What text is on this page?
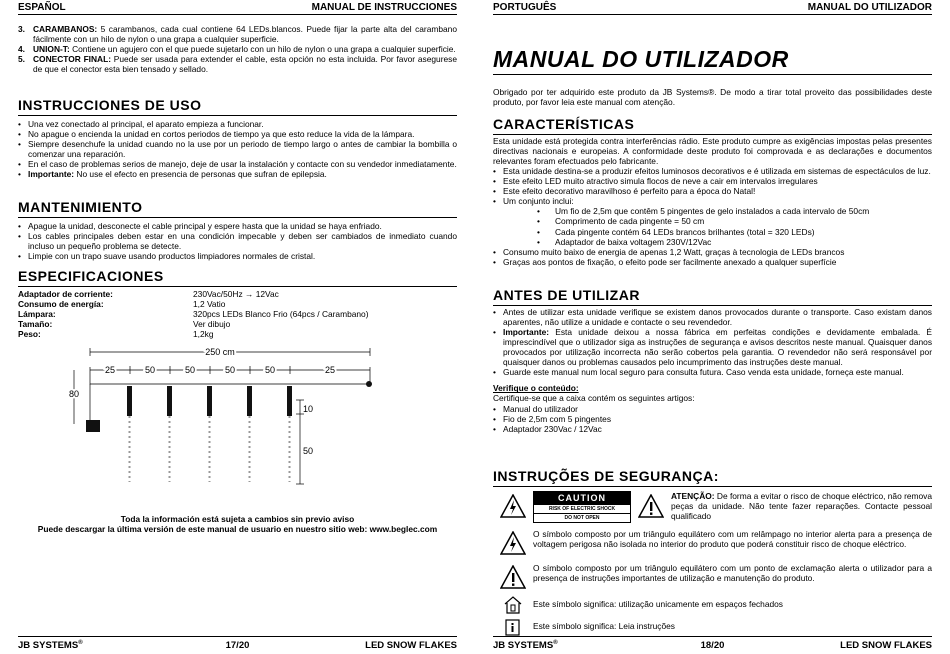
ESPAÑOL	MANUAL DE INSTRUCCIONES
3. CARAMBANOS: 5 carambanos, cada cual contiene 64 LEDs.blancos. Puede fijar la parte alta del carambano fácilmente con un hilo de nylon o una grapa a cualquier superficie.
4. UNION-T: Contiene un agujero con el que puede sujetarlo con un hilo de nylon o una grapa a cualquier superficie.
5. CONECTOR FINAL: Puede ser usada para extender el cable, esta opción no esta incluida. Por favor asegurese de que el conector esta bien tensado y sellado.
INSTRUCCIONES DE USO
• Una vez conectado al principal, el aparato empieza a funcionar.
• No apague o encienda la unidad en cortos periodos de tiempo ya que esto reduce la vida de la lámpara.
• Siempre desenchufe la unidad cuando no la use por un periodo de tiempo largo o antes de cambiar la bombilla o comenzar una reparación.
• En el caso de problemas serios de manejo, deje de usar la instalación y contacte con su vendedor inmediatamente.
• Importante: No use el efecto en presencia de personas que sufran de epilepsia.
MANTENIMIENTO
• Apague la unidad, desconecte el cable principal y espere hasta que la unidad se haya enfriado.
• Los cables principales deben estar en una condición impecable y deben ser cambiados de inmediato cuando incluso un pequeño problema se detecte.
• Limpie con un trapo suave usando productos limpiadores normales de cristal.
ESPECIFICACIONES
Adaptador de corriente:	230Vac/50Hz → 12Vac
Consumo de energía:	1,2 Vatio
Lámpara:	320pcs LEDs Blanco Frio (64pcs / Carambano)
Tamaño:	Ver dibujo
Peso:	1,2kg
250 cm
25	50	50	50	50	25
80
10
50
Toda la información está sujeta a cambios sin previo aviso
Puede descargar la última versión de este manual de usuario en nuestro sitio web: www.beglec.com
JB SYSTEMS®	17/20	LED SNOW FLAKES
PORTUGUÊS	MANUAL DO UTILIZADOR
MANUAL DO UTILIZADOR

Obrigado por ter adquirido este produto da JB Systems®. De modo a tirar total proveito das possibilidades deste produto, por favor leia este manual com atenção.

CARACTERÍSTICAS

Esta unidade está protegida contra interferências rádio. Este produto cumpre as exigências impostas pelas presentes directivas nacionais e europeias. A conformidade deste produto foi comprovada e as declarações e documentos relevantes foram efectuados pelo fabricante.

• Esta unidade destina-se a produzir efeitos luminosos decorativos e é utilizada em sistemas de espectáculos de luz.
• Este efeito LED muito atractivo simula flocos de neve a cair em intervalos irregulares
• Este efeito decorativo maravilhoso é perfeito para a época do Natal!
• Um conjunto inclui:
• Um fio de 2,5m que contêm 5 pingentes de gelo instalados a cada intervalo de 50cm
• Comprimento de cada pingente = 50 cm
• Cada pingente contém 64 LEDs brancos brilhantes (total = 320 LEDs)
• Adaptador de baixa voltagem 230V/12Vac
• Consumo muito baixo de energia de apenas 1,2 Watt, graças à tecnologia de LEDs brancos
• Graças aos pontos de fixação, o efeito pode ser facilmente anexado a qualquer superfície
ANTES DE UTILIZAR
• Antes de utilizar esta unidade verifique se existem danos provocados durante o transporte. Caso existam danos aparentes, não utilize a unidade e contacte o seu revendedor.
• Importante: Esta unidade deixou a nossa fábrica em perfeitas condições e devidamente embalada. É imprescindível que o utilizador siga as instruções de segurança e avisos descritos neste manual. Quaisquer danos provocados por utilização incorrecta não serão cobertos pela garantia. O revendedor não será responsável por quaisquer danos ou problemas causados pelo incumprimento das instruções deste manual.
• Guarde este manual num local seguro para consulta futura. Caso venda esta unidade, forneça este manual.
Verifique o conteúdo:
Certifique-se que a caixa contém os seguintes artigos:
• Manual do utilizador
• Fio de 2,5m com 5 pingentes
• Adaptador 230Vac / 12Vac
INSTRUÇÕES DE SEGURANÇA:
CAUTION
RISK OF ELECTRIC SHOCK
DO NOT OPEN
ATENÇÃO: De forma a evitar o risco de choque eléctrico, não remova peças da unidade. Não tente fazer reparações. Contacte pessoal qualificado
O símbolo composto por um triângulo equilátero com um relâmpago no interior alerta para a presença de voltagem perigosa não isolada no interior do produto que poderá constituir risco de choque eléctrico.
O símbolo composto por um triângulo equilátero com um ponto de exclamação alerta o utilizador para a presença de instruções importantes de utilização e manutenção do produto.
Este símbolo significa: utilização unicamente em espaços fechados
Este símbolo significa: Leia instruções
JB SYSTEMS®	18/20	LED SNOW FLAKES
